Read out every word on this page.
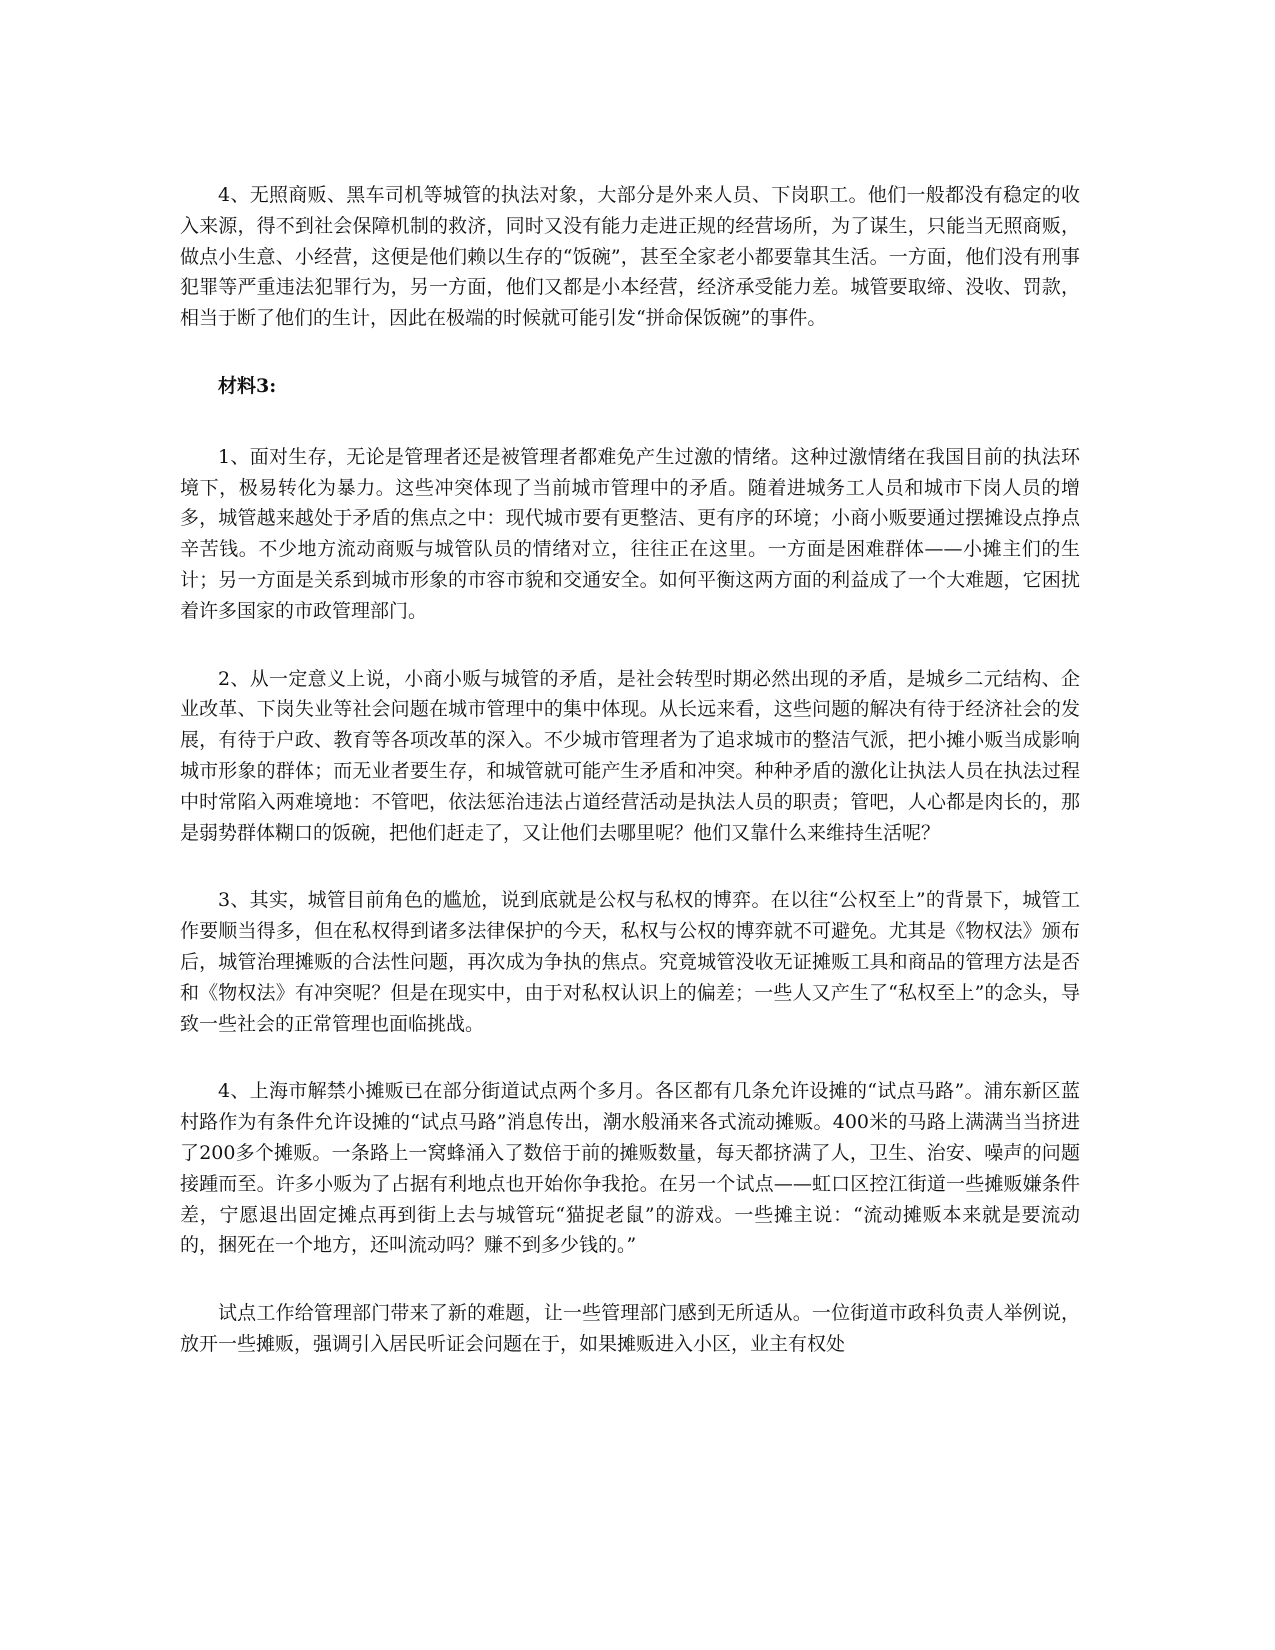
4、无照商贩、黑车司机等城管的执法对象，大部分是外来人员、下岗职工。他们一般都没有稳定的收入来源，得不到社会保障机制的救济，同时又没有能力走进正规的经营场所，为了谋生，只能当无照商贩，做点小生意、小经营，这便是他们赖以生存的“饭碗”，甚至全家老小都要靠其生活。一方面，他们没有刑事犯罪等严重违法犯罪行为，另一方面，他们又都是小本经营，经济承受能力差。城管要取缔、没收、罚款，相当于断了他们的生计，因此在极端的时候就可能引发“拼命保饭碗”的事件。

材料3:

1、面对生存，无论是管理者还是被管理者都难免产生过激的情绪。这种过激情绪在我国目前的执法环境下，极易转化为暴力。这些冲突体现了当前城市管理中的矛盾。随着进城务工人员和城市下岗人员的增多，城管越来越处于矛盾的焦点之中：现代城市要有更整洁、更有序的环境；小商小贩要通过摆摊设点挣点辛苦钱。不少地方流动商贩与城管队员的情绪对立，往往正在这里。一方面是困难群体——小摊主们的生计；另一方面是关系到城市形象的市容市貌和交通安全。如何平衡这两方面的利益成了一个大难题，它困扰着许多国家的市政管理部门。

2、从一定意义上说，小商小贩与城管的矛盾，是社会转型时期必然出现的矛盾，是城乡二元结构、企业改革、下岗失业等社会问题在城市管理中的集中体现。从长远来看，这些问题的解决有待于经济社会的发展，有待于户政、教育等各项改革的深入。不少城市管理者为了追求城市的整洁气派，把小摊小贩当成影响城市形象的群体；而无业者要生存，和城管就可能产生矛盾和冲突。种种矛盾的激化让执法人员在执法过程中时常陷入两难境地：不管吧，依法惩治违法占道经营活动是执法人员的职责；管吧，人心都是肉长的，那是弱势群体糊口的饭碗，把他们赶走了，又让他们去哪里呢？他们又靠什么来维持生活呢？

3、其实，城管目前角色的尴尬，说到底就是公权与私权的博弈。在以往“公权至上”的背景下，城管工作要顺当得多，但在私权得到诸多法律保护的今天，私权与公权的博弈就不可避免。尤其是《物权法》颁布后，城管治理摊贩的合法性问题，再次成为争执的焦点。究竟城管没收无证摊贩工具和商品的管理方法是否和《物权法》有冲突呢？但是在现实中，由于对私权认识上的偏差；一些人又产生了“私权至上”的念头，导致一些社会的正常管理也面临挑战。

4、上海市解禁小摊贩已在部分街道试点两个多月。各区都有几条允许设摊的“试点马路”。浦东新区蓝村路作为有条件允许设摊的“试点马路”消息传出，潮水般涌来各式流动摊贩。400米的马路上满满当当挤进了200多个摊贩。一条路上一窝蜂涌入了数倍于前的摊贩数量，每天都挤满了人，卫生、治安、噪声的问题接踵而至。许多小贩为了占据有利地点也开始你争我抢。在另一个试点——虹口区控江街道一些摊贩嫌条件差，宁愿退出固定摊点再到街上去与城管玩“猫捉老鼠”的游戏。一些摊主说：“流动摊贩本来就是要流动的，捆死在一个地方，还叫流动吗？赚不到多少钱的。”

试点工作给管理部门带来了新的难题，让一些管理部门感到无所适从。一位街道市政科负责人举例说，放开一些摊贩，强调引入居民听证会问题在于，如果摊贩进入小区，业主有权处
